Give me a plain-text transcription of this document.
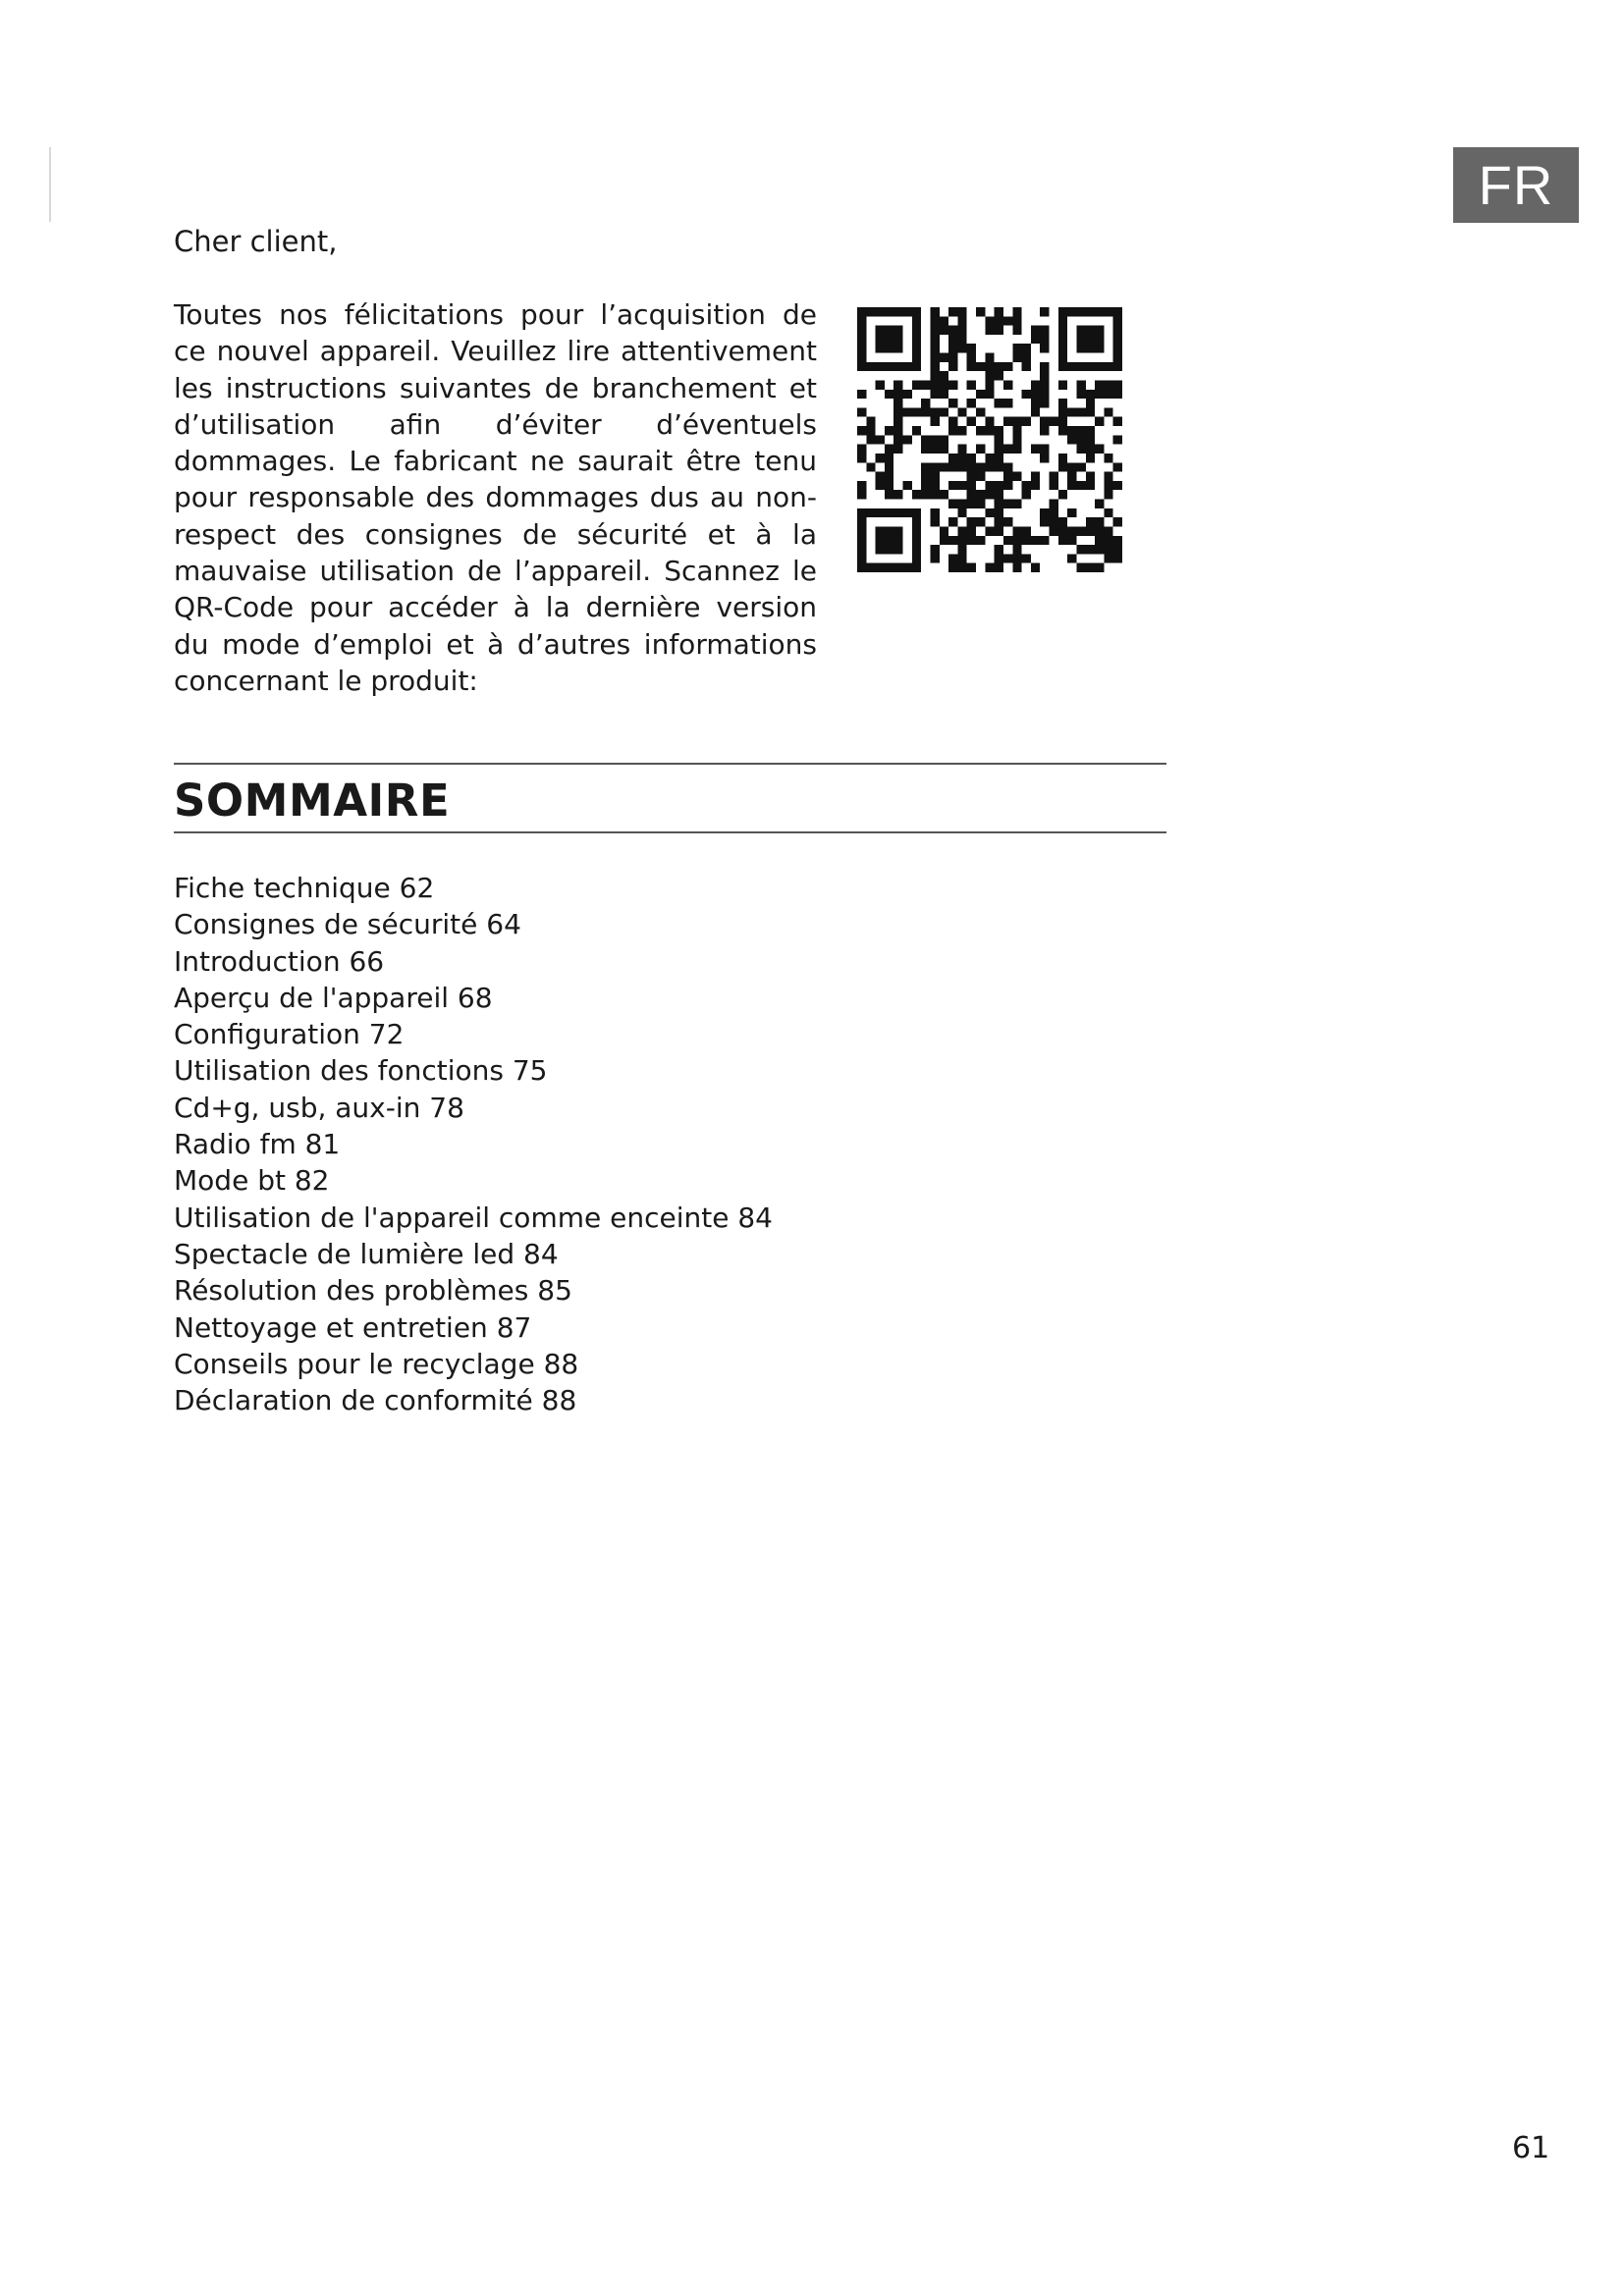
FR
Cher client,

Toutes nos félicitations pour l’acquisition de ce nouvel appareil. Veuillez lire attentivement les instructions suivantes de branchement et d’utilisation afin d’éviter d’éventuels dommages. Le fabricant ne saurait être tenu pour responsable des dommages dus au non-respect des consignes de sécurité et à la mauvaise utilisation de l’appareil. Scannez le QR-Code pour accéder à la dernière version du mode d’emploi et à d’autres informations concernant le produit:

SOMMAIRE
Fiche technique 62
Consignes de sécurité 64
Introduction 66
Aperçu de l'appareil 68
Configuration 72
Utilisation des fonctions 75
Cd+g, usb, aux-in 78
Radio fm 81
Mode bt 82
Utilisation de l'appareil comme enceinte 84
Spectacle de lumière led 84
Résolution des problèmes 85
Nettoyage et entretien 87
Conseils pour le recyclage 88
Déclaration de conformité 88
61
